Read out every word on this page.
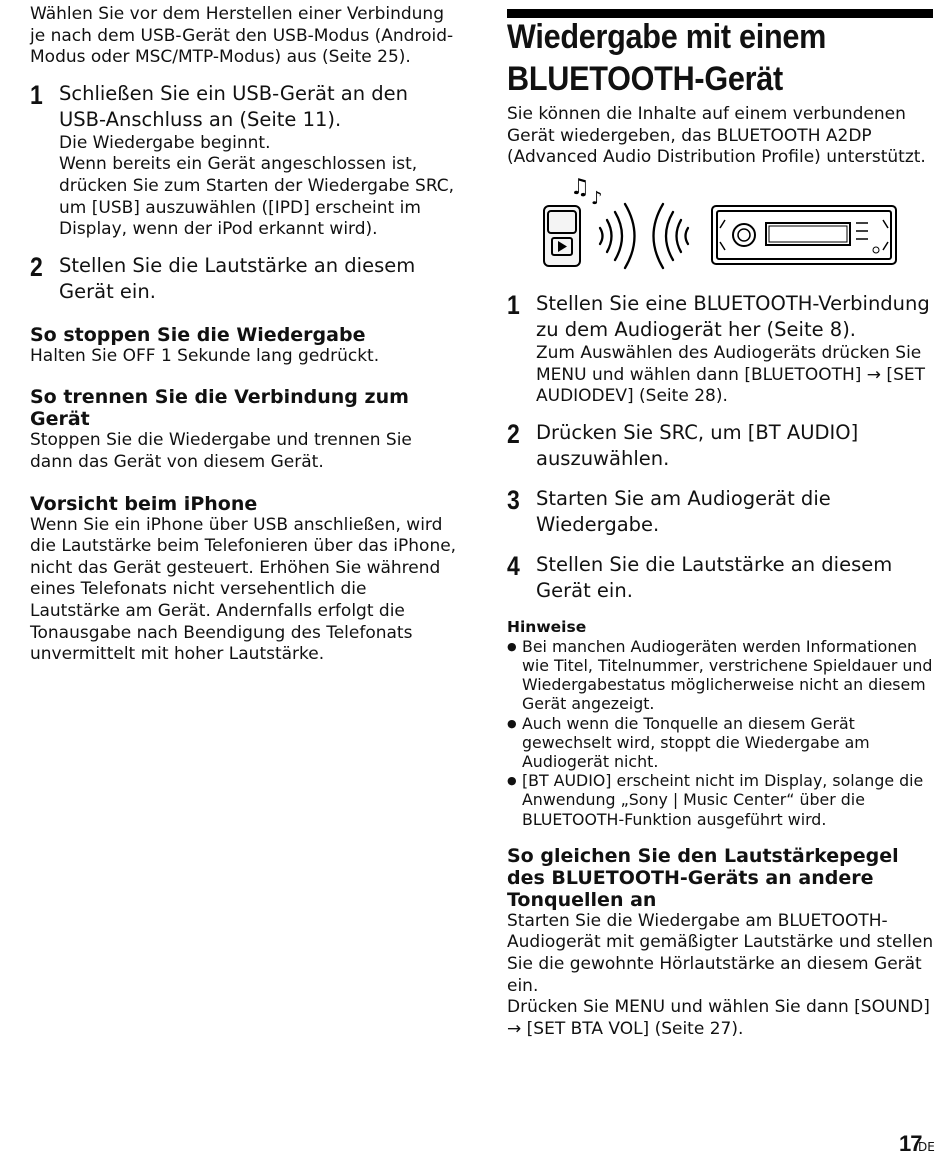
Wählen Sie vor dem Herstellen einer Verbindung je nach dem USB-Gerät den USB-Modus (Android-Modus oder MSC/MTP-Modus) aus (Seite 25).

1 Schließen Sie ein USB-Gerät an den USB-Anschluss an (Seite 11).

Die Wiedergabe beginnt.
Wenn bereits ein Gerät angeschlossen ist, drücken Sie zum Starten der Wiedergabe SRC, um [USB] auszuwählen ([IPD] erscheint im Display, wenn der iPod erkannt wird).

2 Stellen Sie die Lautstärke an diesem Gerät ein.

So stoppen Sie die Wiedergabe

Halten Sie OFF 1 Sekunde lang gedrückt.

So trennen Sie die Verbindung zum Gerät

Stoppen Sie die Wiedergabe und trennen Sie dann das Gerät von diesem Gerät.

Vorsicht beim iPhone

Wenn Sie ein iPhone über USB anschließen, wird die Lautstärke beim Telefonieren über das iPhone, nicht das Gerät gesteuert. Erhöhen Sie während eines Telefonats nicht versehentlich die Lautstärke am Gerät. Andernfalls erfolgt die Tonausgabe nach Beendigung des Telefonats unvermittelt mit hoher Lautstärke.

Wiedergabe mit einem
BLUETOOTH-Gerät

Sie können die Inhalte auf einem verbundenen Gerät wiedergeben, das BLUETOOTH A2DP (Advanced Audio Distribution Profile) unterstützt.

♫ ♪
1 Stellen Sie eine BLUETOOTH-Verbindung zu dem Audiogerät her (Seite 8).

Zum Auswählen des Audiogeräts drücken Sie MENU und wählen dann [BLUETOOTH] → [SET AUDIODEV] (Seite 28).

2 Drücken Sie SRC, um [BT AUDIO] auszuwählen.

3 Starten Sie am Audiogerät die Wiedergabe.

4 Stellen Sie die Lautstärke an diesem Gerät ein.

Hinweise

● Bei manchen Audiogeräten werden Informationen wie Titel, Titelnummer, verstrichene Spieldauer und Wiedergabestatus möglicherweise nicht an diesem Gerät angezeigt.
● Auch wenn die Tonquelle an diesem Gerät gewechselt wird, stoppt die Wiedergabe am Audiogerät nicht.
● [BT AUDIO] erscheint nicht im Display, solange die Anwendung „Sony | Music Center“ über die BLUETOOTH-Funktion ausgeführt wird.
So gleichen Sie den Lautstärkepegel des BLUETOOTH-Geräts an andere Tonquellen an

Starten Sie die Wiedergabe am BLUETOOTH-Audiogerät mit gemäßigter Lautstärke und stellen Sie die gewohnte Hörlautstärke an diesem Gerät ein.

Drücken Sie MENU und wählen Sie dann [SOUND] → [SET BTA VOL] (Seite 27).

17
DE
